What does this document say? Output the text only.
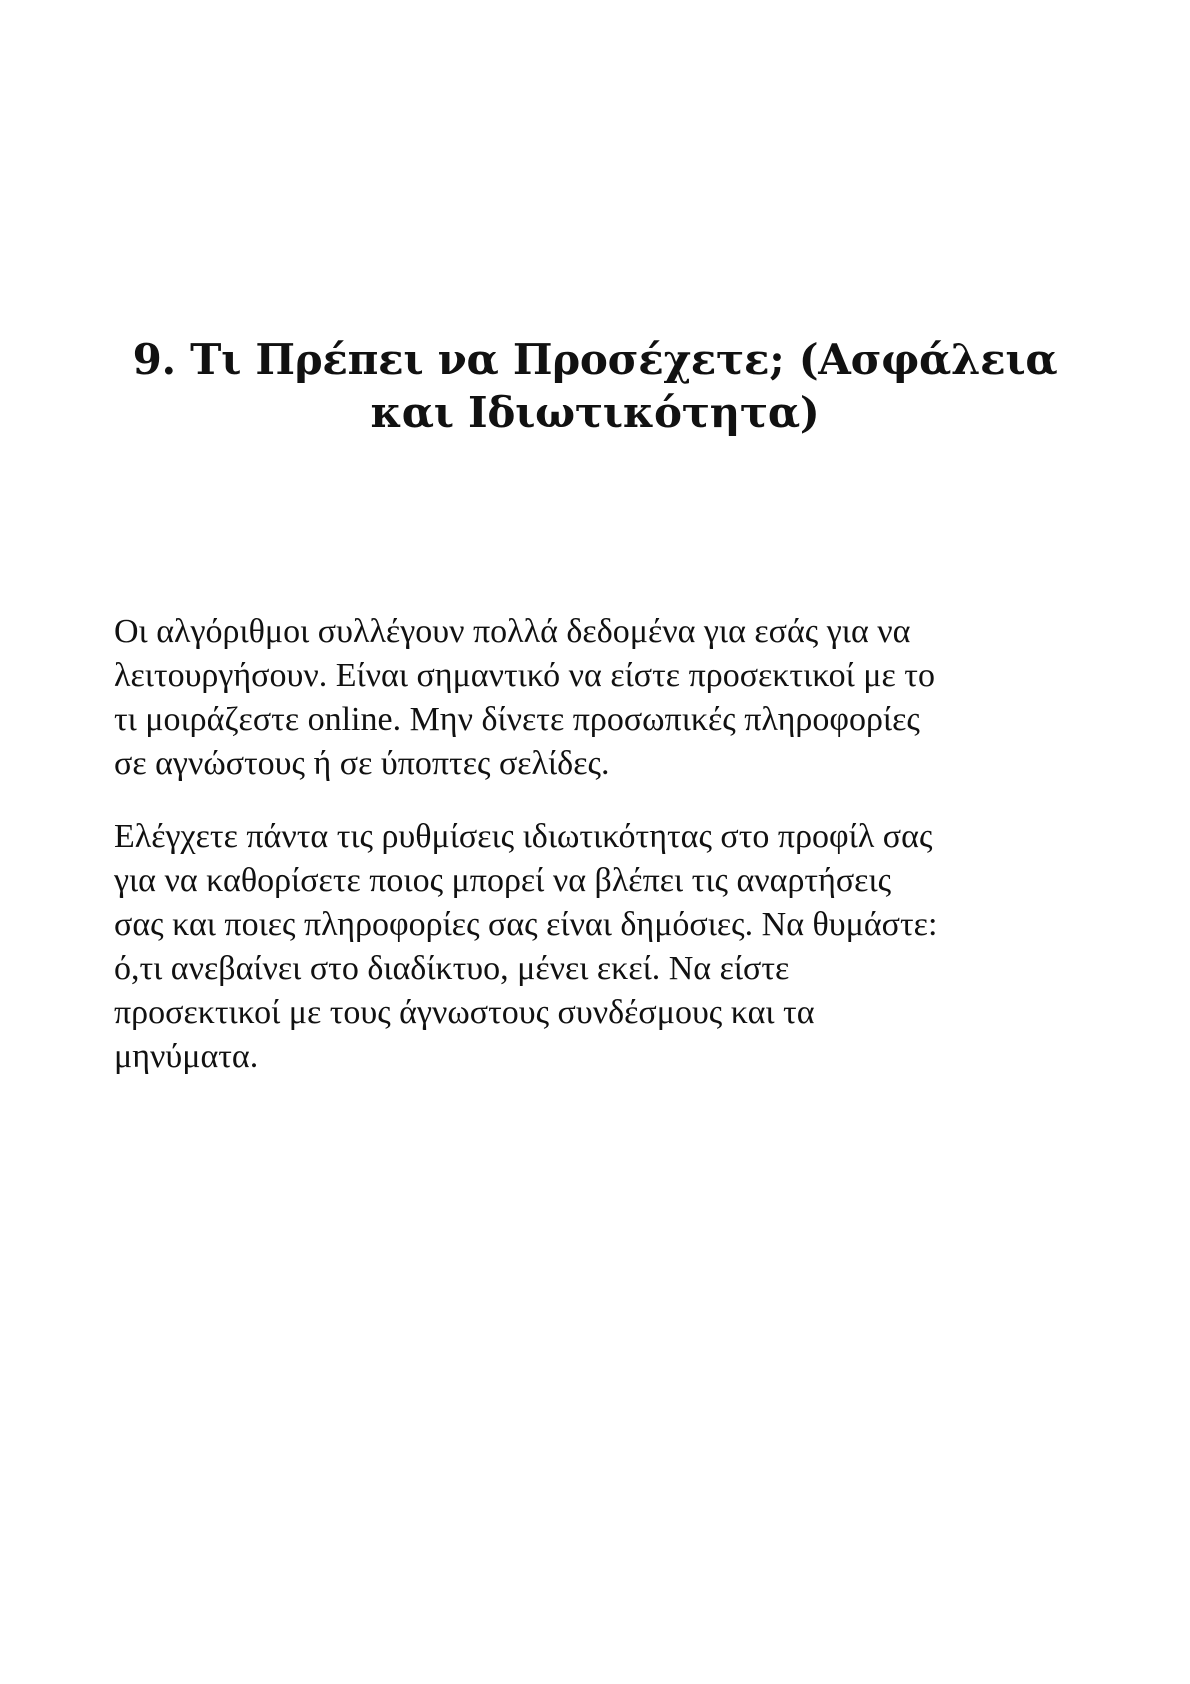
9. Τι Πρέπει να Προσέχετε; (Ασφάλεια
και Ιδιωτικότητα)

Οι αλγόριθμοι συλλέγουν πολλά δεδομένα για εσάς για να
λειτουργήσουν. Είναι σημαντικό να είστε προσεκτικοί με το
τι μοιράζεστε online. Μην δίνετε προσωπικές πληροφορίες
σε αγνώστους ή σε ύποπτες σελίδες.

Ελέγχετε πάντα τις ρυθμίσεις ιδιωτικότητας στο προφίλ σας
για να καθορίσετε ποιος μπορεί να βλέπει τις αναρτήσεις
σας και ποιες πληροφορίες σας είναι δημόσιες. Να θυμάστε:
ό,τι ανεβαίνει στο διαδίκτυο, μένει εκεί. Να είστε
προσεκτικοί με τους άγνωστους συνδέσμους και τα
μηνύματα.
